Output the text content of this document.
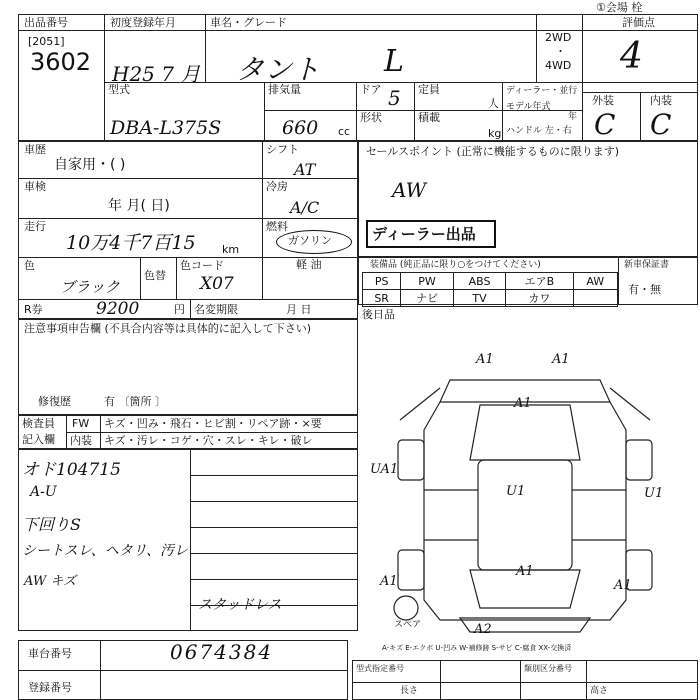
出品番号
[2051]
3602
初度登録年月
H25 7 月
車名・グレード
タント L
2WD
・
4WD
評価点
4
外装	内装
C C
①会場 栓
型式
DBA-L375S
排気量
660 cc
ドア 5 定員
人
形状	積載
kg
ディーラー・並行
モデル年式
年
ハンドル 左・右
車歴
自家用・( )
車検
年 月( 日)
走行
10万4千7百15 km
色
ブラック
色替
色コード
X07
シフト
AT
冷房
A/C
燃料
ガソリン
軽 油
R券	9200	円 名変期限	月 日
セールスポイント (正常に機能するものに限ります)
AW
ディーラー出品
装備品 (純正品に限り○をつけてください)	新車保証書
有・無
PS	PW	ABS	エアB	AW
SR	ナビ	TV	カワ	
後日品
注意事項申告欄 (不具合内容等は具体的に記入して下さい)
修復歴	有 〔箇所 〕
検査員
記入欄
FW キズ・凹み・飛石・ヒビ割・リペア跡・×要
内装 キズ・汚レ・コゲ・穴・スレ・キレ・破レ
オド104715
A-U
下回りS
シートスレ、ヘタリ、汚レ
AW キズ
スタッドレス
A1	A1
A1
UA1
U1	U1
A1
A1
A1
A2
スペア
A-キズ E-エクボ U-凹み W-補修跡 S-サビ C-腐食 XX-交換済
車台番号	0674384
登録番号
型式指定番号	類別区分番号
長さ	高さ
